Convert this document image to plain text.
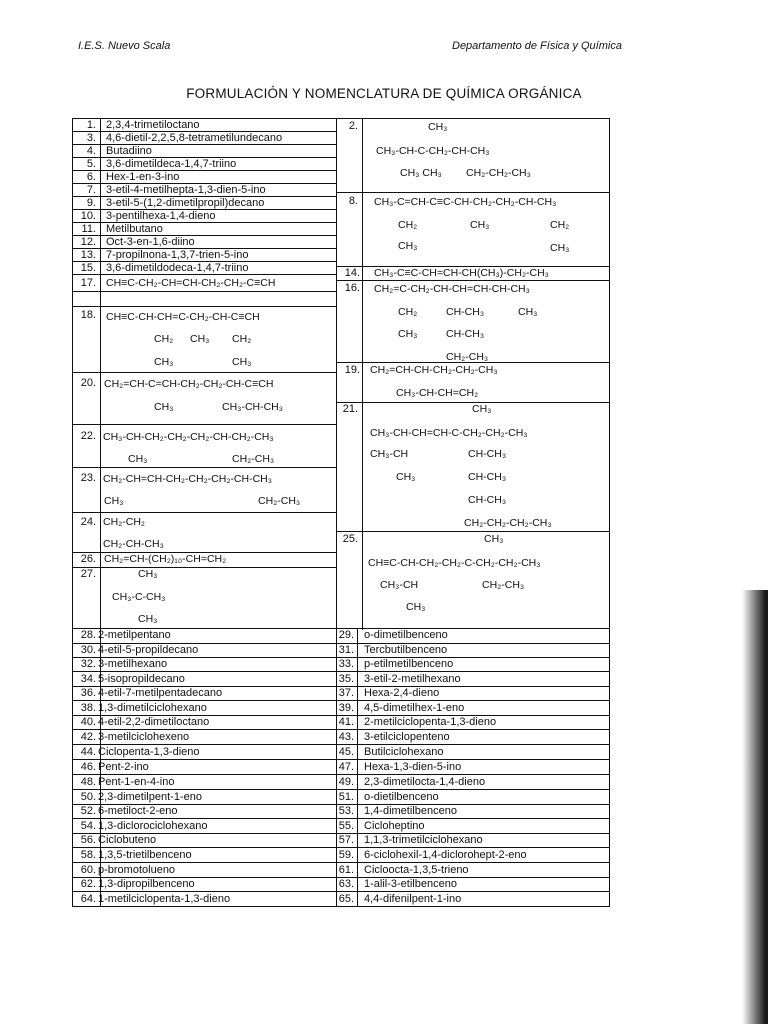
I.E.S. Nuevo Scala	Departamento de Física y Química
FORMULACIÓN Y NOMENCLATURA DE QUÍMICA ORGÁNICA
1. 2,3,4-trimetiloctano
3. 4,6-dietil-2,2,5,8-tetrametilundecano
4. Butadiino
5. 3,6-dimetildeca-1,4,7-triino
6. Hex-1-en-3-ino
7. 3-etil-4-metilhepta-1,3-dien-5-ino
9. 3-etil-5-(1,2-dimetilpropil)decano
10. 3-pentilhexa-1,4-dieno
11. Metilbutano
12. Oct-3-en-1,6-diino
13. 7-propilnona-1,3,7-trien-5-ino
15. 3,6-dimetildodeca-1,4,7-triino
17. CH≡C-CH₂-CH=CH-CH₂-CH₂-C≡CH
18. CH≡C-CH-CH=C-CH₂-CH-C≡CH
CH₂ CH₃ CH₂
CH₃	CH₃
20. CH₂=CH-C=CH-CH₂-CH₂-CH-C≡CH
CH₃	CH₃-CH-CH₃
22. CH₃-CH-CH₂-CH₂-CH₂-CH-CH₂-CH₃
CH₃	CH₂-CH₃
23. CH₂-CH=CH-CH₂-CH₂-CH₂-CH-CH₃
CH₃	CH₂-CH₃
24. CH₂-CH₂
CH₂-CH-CH₃
26. CH₂=CH-(CH₂)₁₀-CH=CH₂
27.	CH₃
CH₃-C-CH₃
CH₃
2.	CH₃
CH₃-CH-C-CH₂-CH-CH₃
CH₃ CH₃ CH₂-CH₂-CH₃
8. CH₃-C=CH-C≡C-CH-CH₂-CH₂-CH-CH₃
CH₂	CH₃	CH₂
CH₃	CH₃
14. CH₃-C≡C-CH=CH-CH(CH₃)-CH₂-CH₃
16. CH₂=C-CH₂-CH-CH=CH-CH-CH₃
CH₂	CH-CH₃	CH₃
CH₃	CH-CH₃
CH₂-CH₃
19. CH₂=CH-CH-CH₂-CH₂-CH₃
CH₃-CH-CH=CH₂
21.	CH₃
CH₃-CH-CH=CH-C-CH₂-CH₂-CH₃
CH₃-CH	CH-CH₃
CH₃	CH-CH₃
CH-CH₃
CH₂-CH₂-CH₂-CH₃
25.	CH₃
CH≡C-CH-CH₂-CH₂-C-CH₂-CH₂-CH₃
CH₃-CH	CH₂-CH₃
CH₃
28. 2-metilpentano	29. o-dimetilbenceno
30. 4-etil-5-propildecano	31. Tercbutilbenceno
32. 3-metilhexano	33. p-etilmetilbenceno
34. 5-isopropildecano	35. 3-etil-2-metilhexano
36. 4-etil-7-metilpentadecano	37. Hexa-2,4-dieno
38. 1,3-dimetilciclohexano	39. 4,5-dimetilhex-1-eno
40. 4-etil-2,2-dimetiloctano	41. 2-metilciclopenta-1,3-dieno
42. 3-metilciclohexeno	43. 3-etilciclopenteno
44. Ciclopenta-1,3-dieno	45. Butilciclohexano
46. Pent-2-ino	47. Hexa-1,3-dien-5-ino
48. Pent-1-en-4-ino	49. 2,3-dimetilocta-1,4-dieno
50. 2,3-dimetilpent-1-eno	51. o-dietilbenceno
52. 6-metiloct-2-eno	53. 1,4-dimetilbenceno
54. 1,3-diclorociclohexano	55. Cicloheptino
56. Ciclobuteno	57. 1,1,3-trimetilciclohexano
58. 1,3,5-trietilbenceno	59. 6-ciclohexil-1,4-diclorohept-2-eno
60. p-bromotolueno	61. Cicloocta-1,3,5-trieno
62. 1,3-dipropilbenceno	63. 1-alil-3-etilbenceno
64. 1-metilciclopenta-1,3-dieno	65. 4,4-difenilpent-1-ino
